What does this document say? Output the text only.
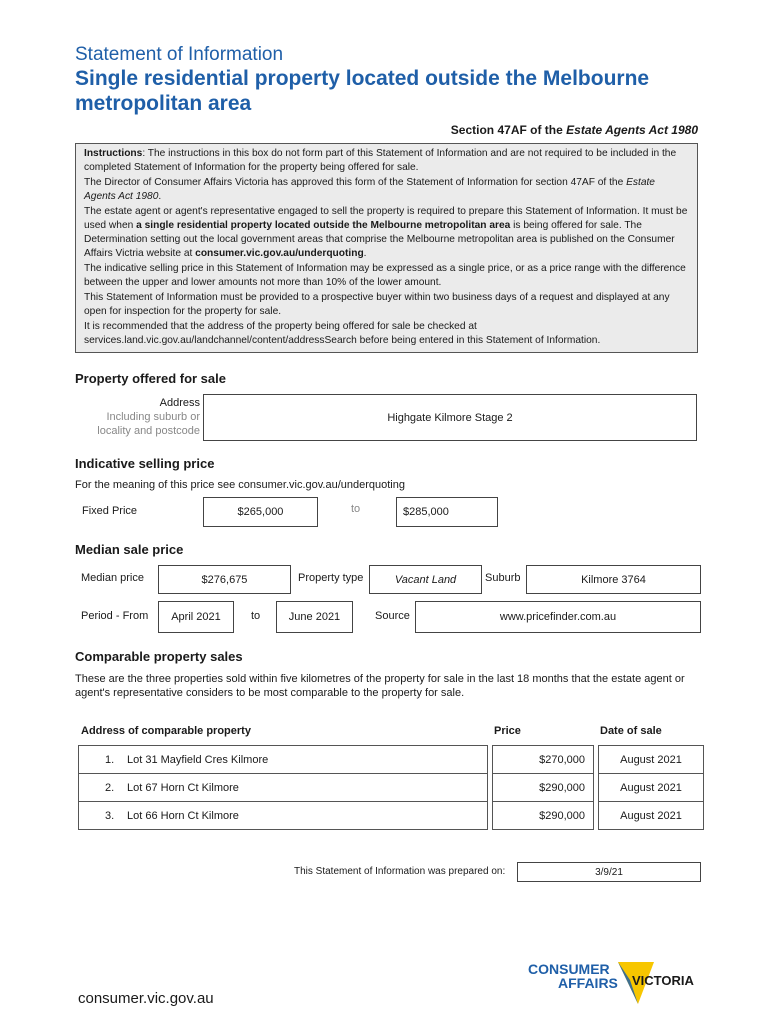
Statement of Information
Single residential property located outside the Melbourne metropolitan area
Section 47AF of the Estate Agents Act 1980

Instructions: The instructions in this box do not form part of this Statement of Information and are not required to be included in the completed Statement of Information for the property being offered for sale.

The Director of Consumer Affairs Victoria has approved this form of the Statement of Information for section 47AF of the Estate Agents Act 1980.

The estate agent or agent's representative engaged to sell the property is required to prepare this Statement of Information. It must be used when a single residential property located outside the Melbourne metropolitan area is being offered for sale. The Determination setting out the local government areas that comprise the Melbourne metropolitan area is published on the Consumer Affairs Victria website at consumer.vic.gov.au/underquoting.

The indicative selling price in this Statement of Information may be expressed as a single price, or as a price range with the difference between the upper and lower amounts not more than 10% of the lower amount.

This Statement of Information must be provided to a prospective buyer within two business days of a request and displayed at any open for inspection for the property for sale.

It is recommended that the address of the property being offered for sale be checked at services.land.vic.gov.au/landchannel/content/addressSearch before being entered in this Statement of Information.

Property offered for sale
Address
Including suburb or
locality and postcode
Highgate Kilmore Stage 2
Indicative selling price
For the meaning of this price see consumer.vic.gov.au/underquoting
Fixed Price	$265,000	to	$285,000
Median sale price
Median price	$276,675	Property type	Vacant Land	Suburb	Kilmore 3764
Period - From	April 2021	to	June 2021	Source	www.pricefinder.com.au
Comparable property sales
These are the three properties sold within five kilometres of the property for sale in the last 18 months that the estate agent or agent's representative considers to be most comparable to the property for sale.
Address of comparable property	Price	Date of sale
1.	Lot 31 Mayfield Cres Kilmore	$270,000	August 2021
2.	Lot 67 Horn Ct Kilmore	$290,000	August 2021
3.	Lot 66 Horn Ct Kilmore	$290,000	August 2021
This Statement of Information was prepared on:	3/9/21
CONSUMER
AFFAIRS VICTORIA
consumer.vic.gov.au
